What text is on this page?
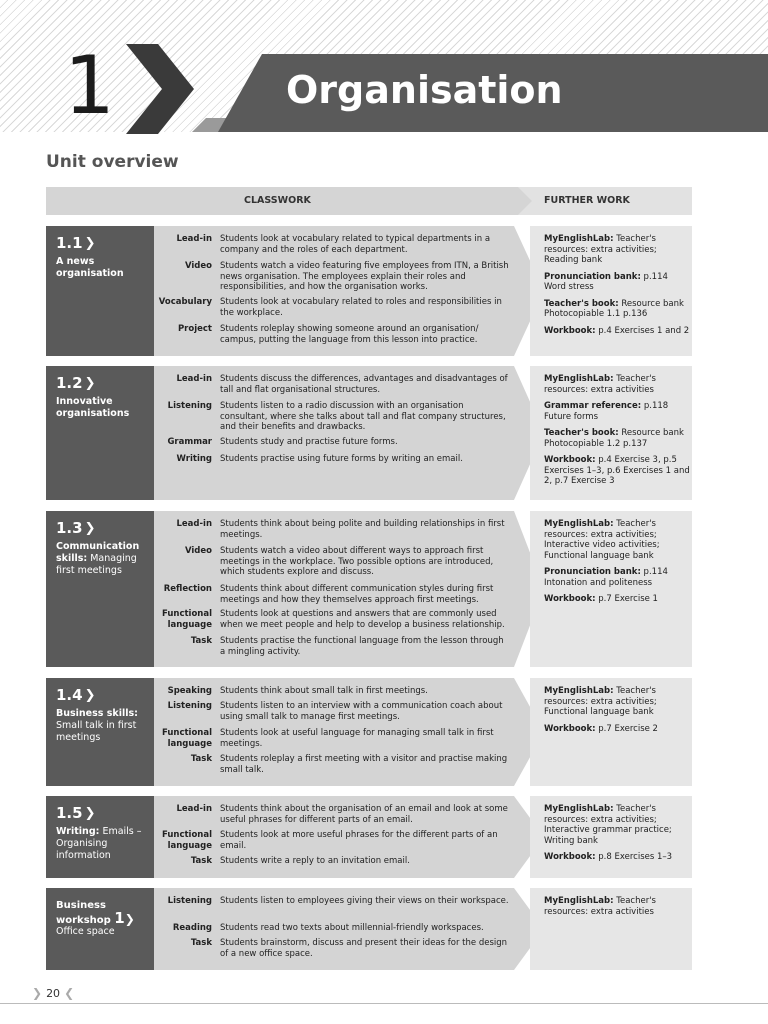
1	Organisation
Unit overview
CLASSWORK	FURTHER WORK
1.1 ❯
A news organisation
Lead-in Students look at vocabulary related to typical departments in a company and the roles of each department.
Video Students watch a video featuring five employees from ITN, a British news organisation. The employees explain their roles and responsibilities, and how the organisation works.
Vocabulary Students look at vocabulary related to roles and responsibilities in the workplace.
Project Students roleplay showing someone around an organisation/ campus, putting the language from this lesson into practice.
MyEnglishLab: Teacher's resources: extra activities; Reading bank
Pronunciation bank: p.114 Word stress
Teacher's book: Resource bank Photocopiable 1.1 p.136
Workbook: p.4 Exercises 1 and 2
1.2 ❯
Innovative organisations
Lead-in Students discuss the differences, advantages and disadvantages of tall and flat organisational structures.
Listening Students listen to a radio discussion with an organisation consultant, where she talks about tall and flat company structures, and their benefits and drawbacks.
Grammar Students study and practise future forms.
Writing Students practise using future forms by writing an email.
MyEnglishLab: Teacher's resources: extra activities
Grammar reference: p.118 Future forms
Teacher's book: Resource bank Photocopiable 1.2 p.137
Workbook: p.4 Exercise 3, p.5 Exercises 1–3, p.6 Exercises 1 and 2, p.7 Exercise 3
1.3 ❯
Communication skills: Managing first meetings
Lead-in Students think about being polite and building relationships in first meetings.
Video Students watch a video about different ways to approach first meetings in the workplace. Two possible options are introduced, which students explore and discuss.
Reflection Students think about different communication styles during first meetings and how they themselves approach first meetings.
Functional language
Students look at questions and answers that are commonly used when we meet people and help to develop a business relationship.
Task Students practise the functional language from the lesson through a mingling activity.
MyEnglishLab: Teacher's resources: extra activities; Interactive video activities; Functional language bank
Pronunciation bank: p.114 Intonation and politeness
Workbook: p.7 Exercise 1
1.4 ❯
Business skills: Small talk in first meetings
Speaking Students think about small talk in first meetings.
Listening Students listen to an interview with a communication coach about using small talk to manage first meetings.
Functional language
Students look at useful language for managing small talk in first meetings.
Task Students roleplay a first meeting with a visitor and practise making small talk.
MyEnglishLab: Teacher's resources: extra activities; Functional language bank
Workbook: p.7 Exercise 2
1.5 ❯
Writing: Emails – Organising information
Lead-in Students think about the organisation of an email and look at some useful phrases for different parts of an email.
Functional language
Students look at more useful phrases for the different parts of an email.
Task Students write a reply to an invitation email.
MyEnglishLab: Teacher's resources: extra activities; Interactive grammar practice; Writing bank
Workbook: p.8 Exercises 1–3
Business workshop 1❯
Office space
Listening Students listen to employees giving their views on their workspace.
Reading Students read two texts about millennial-friendly workspaces.
Task Students brainstorm, discuss and present their ideas for the design of a new office space.
MyEnglishLab: Teacher's resources: extra activities
❯ 20 ❮
